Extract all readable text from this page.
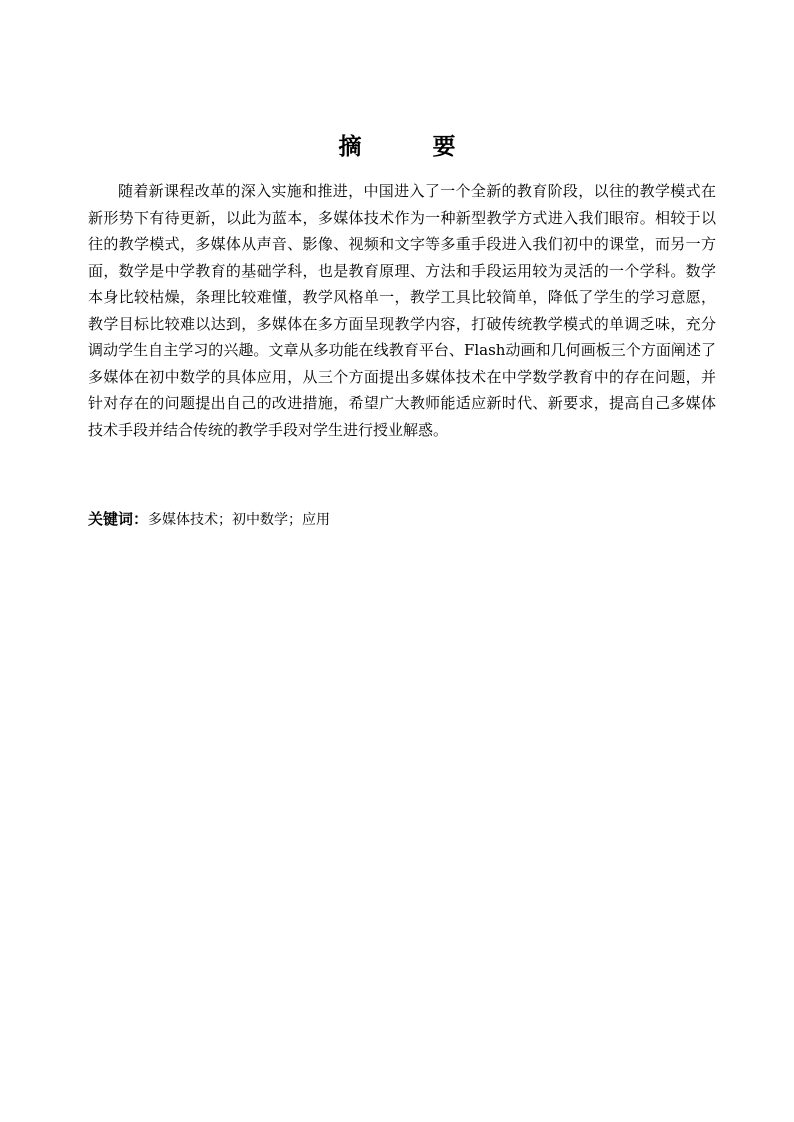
摘　要

随着新课程改革的深入实施和推进，中国进入了一个全新的教育阶段，以往的教学模式在新形势下有待更新，以此为蓝本，多媒体技术作为一种新型教学方式进入我们眼帘。相较于以往的教学模式，多媒体从声音、影像、视频和文字等多重手段进入我们初中的课堂，而另一方面，数学是中学教育的基础学科，也是教育原理、方法和手段运用较为灵活的一个学科。数学本身比较枯燥，条理比较难懂，教学风格单一，教学工具比较简单，降低了学生的学习意愿，教学目标比较难以达到，多媒体在多方面呈现教学内容，打破传统教学模式的单调乏味，充分调动学生自主学习的兴趣。文章从多功能在线教育平台、Flash动画和几何画板三个方面阐述了多媒体在初中数学的具体应用，从三个方面提出多媒体技术在中学数学教育中的存在问题，并针对存在的问题提出自己的改进措施，希望广大教师能适应新时代、新要求，提高自己多媒体技术手段并结合传统的教学手段对学生进行授业解惑。

关键词：多媒体技术；初中数学；应用
